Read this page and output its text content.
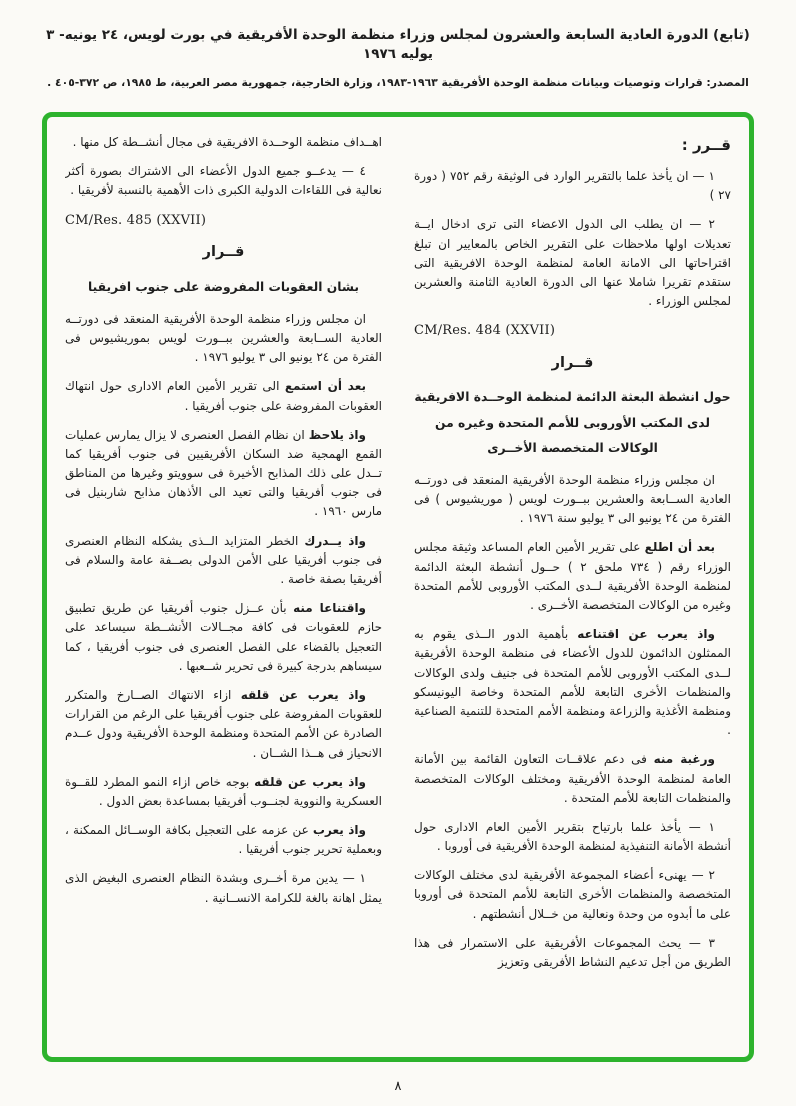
(تابع) الدورة العادية السابعة والعشرون لمجلس وزراء منظمة الوحدة الأفريقية في بورت لويس، ٢٤ يونيه- ٣ يوليه ١٩٧٦

المصدر: قرارات وتوصيات وبيانات منظمة الوحدة الأفريقية ١٩٦٣-١٩٨٣، وزارة الخارجية، جمهورية مصر العربية، ط ١٩٨٥، ص ٣٧٢-٤٠٥ .

قــرر :

١ — ان يأخذ علما بالتقرير الوارد فى الوثيقة رقم ٧٥٢ ( دورة ٢٧ )

٢ — ان يطلب الى الدول الاعضاء التى ترى ادخال ايــة تعديلات اولها ملاحظات على التقرير الخاص بالمعايير ان تبلغ اقتراحاتها الى الامانة العامة لمنظمة الوحدة الافريقية التى ستقدم تقريرا شاملا عنها الى الدورة العادية الثامنة والعشرين لمجلس الوزراء .

CM/Res. 484 (XXVII)

قــرار

حول انشطة البعثة الدائمة لمنظمة الوحــدة الافريقية لدى المكتب الأوروبى للأمم المتحدة وغيره من الوكالات المتخصصة الأخــرى

ان مجلس وزراء منظمة الوحدة الأفريقية المنعقد فى دورتــه العادية الســابعة والعشرين ببــورت لويس ( موريشيوس ) فى الفترة من ٢٤ يونيو الى ٣ يوليو سنة ١٩٧٦ .

بعد أن اطلع على تقرير الأمين العام المساعد وثيقة مجلس الوزراء رقم ( ٧٣٤ ملحق ٢ ) حــول أنشطة البعثة الدائمة لمنظمة الوحدة الأفريقية لــدى المكتب الأوروبى للأمم المتحدة وغيره من الوكالات المتخصصة الأخــرى .

واذ يعرب عن اقتناعه بأهمية الدور الــذى يقوم به الممثلون الدائمون للدول الأعضاء فى منظمة الوحدة الأفريقية لــدى المكتب الأوروبى للأمم المتحدة فى جنيف ولدى الوكالات والمنظمات الأخرى التابعة للأمم المتحدة وخاصة اليونيسكو ومنظمة الأغذية والزراعة ومنظمة الأمم المتحدة للتنمية الصناعية .

ورغبة منه فى دعم علاقــات التعاون القائمة بين الأمانة العامة لمنظمة الوحدة الأفريقية ومختلف الوكالات المتخصصة والمنظمات التابعة للأمم المتحدة .

١ — يأخذ علما بارتياح بتقرير الأمين العام الادارى حول أنشطة الأمانة التنفيذية لمنظمة الوحدة الأفريقية فى أوروبا .

٢ — يهنىء أعضاء المجموعة الأفريقية لدى مختلف الوكالات المتخصصة والمنظمات الأخرى التابعة للأمم المتحدة فى أوروبا على ما أبدوه من وحدة ونعالية من خــلال أنشطتهم .

٣ — يحث المجموعات الأفريقية على الاستمرار فى هذا الطريق من أجل تدعيم النشاط الأفريقى وتعزيز

اهــداف منظمة الوحــدة الافريقية فى مجال أنشــطة كل منها .

٤ — يدعــو جميع الدول الأعضاء الى الاشتراك بصورة أكثر نعالية فى اللقاءات الدولية الكبرى ذات الأهمية بالنسبة لأفريقيا .

CM/Res. 485 (XXVII)

قــرار

بشان العقوبات المفروضة على جنوب افريقيا

ان مجلس وزراء منظمة الوحدة الأفريقية المنعقد فى دورتــه العادية الســابعة والعشرين ببــورت لويس بموريشيوس فى الفترة من ٢٤ يونيو الى ٣ يوليو ١٩٧٦ .

بعد أن استمع الى تقرير الأمين العام الادارى حول انتهاك العقوبات المفروضة على جنوب أفريقيا .

واذ يلاحظ ان نظام الفصل العنصرى لا يزال يمارس عمليات القمع الهمجية ضد السكان الأفريقيين فى جنوب أفريقيا كما تــدل على ذلك المذابح الأخيرة فى سوويتو وغيرها من المناطق فى جنوب أفريقيا والتى تعيد الى الأذهان مذابح شاربنيل فى مارس ١٩٦٠ .

واذ يــدرك الخطر المتزايد الــذى يشكله النظام العنصرى فى جنوب أفريقيا على الأمن الدولى بصــفة عامة والسلام فى أفريقيا بصفة خاصة .

واقتناعا منه بأن عــزل جنوب أفريقيا عن طريق تطبيق حازم للعقوبات فى كافة مجــالات الأنشــطة سيساعد على التعجيل بالقضاء على الفصل العنصرى فى جنوب أفريقيا ، كما سيساهم بدرجة كبيرة فى تحرير شــعبها .

واذ يعرب عن قلقه ازاء الانتهاك الصــارخ والمتكرر للعقوبات المفروضة على جنوب أفريقيا على الرغم من القرارات الصادرة عن الأمم المتحدة ومنظمة الوحدة الأفريقية ودول عــدم الانحياز فى هــذا الشــان .

واذ يعرب عن قلقه بوجه خاص ازاء النمو المطرد للقــوة العسكرية والنووية لجنــوب أفريقيا بمساعدة بعض الدول .

واذ يعرب عن عزمه على التعجيل بكافة الوســائل الممكنة ، وبعملية تحرير جنوب أفريقيا .

١ — يدين مرة أخــرى وبشدة النظام العنصرى البغيض الذى يمثل اهانة بالغة للكرامة الانســانية .

٨
